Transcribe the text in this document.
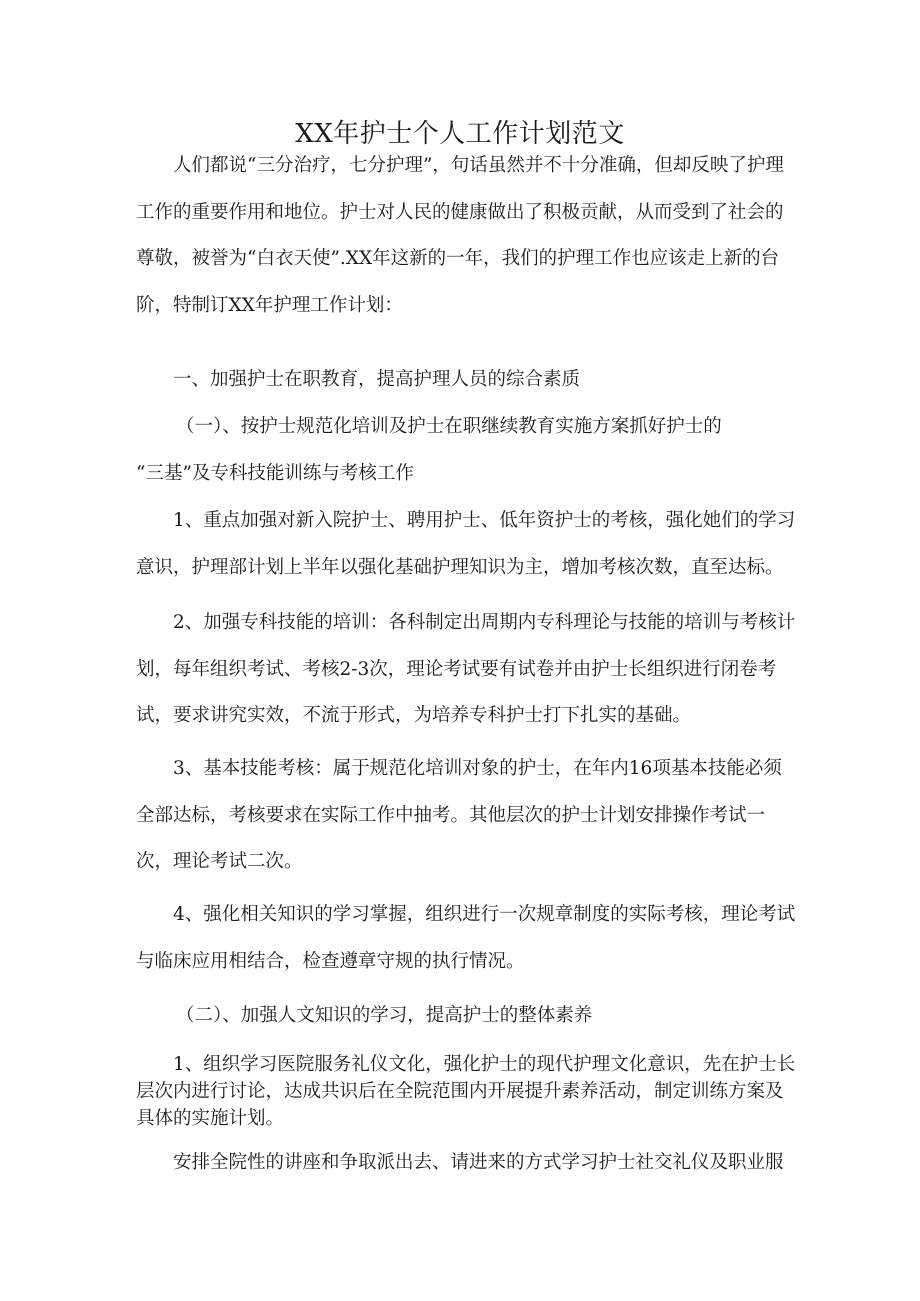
XX年护士个人工作计划范文

人们都说“三分治疗，七分护理”，句话虽然并不十分准确，但却反映了护理工作的重要作用和地位。护士对人民的健康做出了积极贡献，从而受到了社会的尊敬，被誉为“白衣天使”.XX年这新的一年，我们的护理工作也应该走上新的台阶，特制订XX年护理工作计划：

一、加强护士在职教育，提高护理人员的综合素质

（一）、按护士规范化培训及护士在职继续教育实施方案抓好护士的

“三基”及专科技能训练与考核工作

1、重点加强对新入院护士、聘用护士、低年资护士的考核，强化她们的学习意识，护理部计划上半年以强化基础护理知识为主，增加考核次数，直至达标。

2、加强专科技能的培训：各科制定出周期内专科理论与技能的培训与考核计划，每年组织考试、考核2-3次，理论考试要有试卷并由护士长组织进行闭卷考试，要求讲究实效，不流于形式，为培养专科护士打下扎实的基础。

3、基本技能考核：属于规范化培训对象的护士，在年内16项基本技能必须全部达标，考核要求在实际工作中抽考。其他层次的护士计划安排操作考试一次，理论考试二次。

4、强化相关知识的学习掌握，组织进行一次规章制度的实际考核，理论考试与临床应用相结合，检查遵章守规的执行情况。

（二）、加强人文知识的学习，提高护士的整体素养

1、组织学习医院服务礼仪文化，强化护士的现代护理文化意识，先在护士长层次内进行讨论，达成共识后在全院范围内开展提升素养活动，制定训练方案及具体的实施计划。

安排全院性的讲座和争取派出去、请进来的方式学习护士社交礼仪及职业服
